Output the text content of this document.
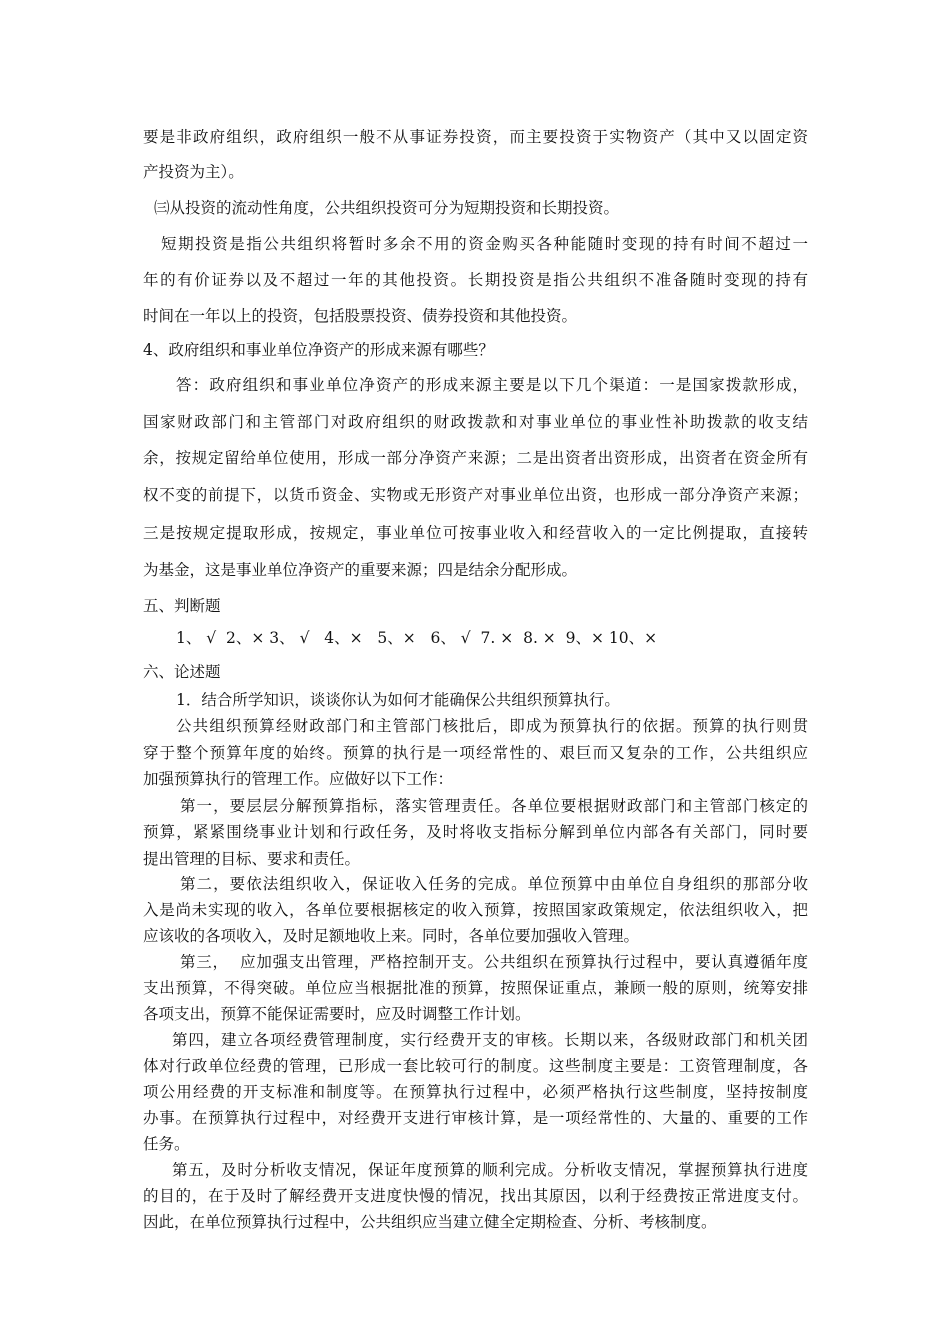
要是非政府组织，政府组织一般不从事证券投资，而主要投资于实物资产（其中又以固定资
产投资为主）。
㈢从投资的流动性角度，公共组织投资可分为短期投资和长期投资。
短期投资是指公共组织将暂时多余不用的资金购买各种能随时变现的持有时间不超过一
年的有价证券以及不超过一年的其他投资。长期投资是指公共组织不准备随时变现的持有
时间在一年以上的投资，包括股票投资、债券投资和其他投资。
4、政府组织和事业单位净资产的形成来源有哪些？
答：政府组织和事业单位净资产的形成来源主要是以下几个渠道：一是国家拨款形成，
国家财政部门和主管部门对政府组织的财政拨款和对事业单位的事业性补助拨款的收支结
余，按规定留给单位使用，形成一部分净资产来源；二是出资者出资形成，出资者在资金所有
权不变的前提下，以货币资金、实物或无形资产对事业单位出资，也形成一部分净资产来源；
三是按规定提取形成，按规定，事业单位可按事业收入和经营收入的一定比例提取，直接转
为基金，这是事业单位净资产的重要来源；四是结余分配形成。
五、判断题
1、 √  2、× 3、 √   4、×   5、×   6、 √  7. ×  8. ×  9、× 10、×
六、论述题
1．结合所学知识，谈谈你认为如何才能确保公共组织预算执行。
公共组织预算经财政部门和主管部门核批后，即成为预算执行的依据。预算的执行则贯
穿于整个预算年度的始终。预算的执行是一项经常性的、艰巨而又复杂的工作，公共组织应
加强预算执行的管理工作。应做好以下工作：
第一，要层层分解预算指标，落实管理责任。各单位要根据财政部门和主管部门核定的
预算，紧紧围绕事业计划和行政任务，及时将收支指标分解到单位内部各有关部门，同时要
提出管理的目标、要求和责任。
第二，要依法组织收入，保证收入任务的完成。单位预算中由单位自身组织的那部分收
入是尚未实现的收入，各单位要根据核定的收入预算，按照国家政策规定，依法组织收入，把
应该收的各项收入，及时足额地收上来。同时，各单位要加强收入管理。
第三，  应加强支出管理，严格控制开支。公共组织在预算执行过程中，要认真遵循年度
支出预算，不得突破。单位应当根据批准的预算，按照保证重点，兼顾一般的原则，统筹安排
各项支出，预算不能保证需要时，应及时调整工作计划。
第四，建立各项经费管理制度，实行经费开支的审核。长期以来，各级财政部门和机关团
体对行政单位经费的管理，已形成一套比较可行的制度。这些制度主要是：工资管理制度，各
项公用经费的开支标准和制度等。在预算执行过程中，必须严格执行这些制度，坚持按制度
办事。在预算执行过程中，对经费开支进行审核计算，是一项经常性的、大量的、重要的工作
任务。
第五，及时分析收支情况，保证年度预算的顺利完成。分析收支情况，掌握预算执行进度
的目的，在于及时了解经费开支进度快慢的情况，找出其原因，以利于经费按正常进度支付。
因此，在单位预算执行过程中，公共组织应当建立健全定期检查、分析、考核制度。
